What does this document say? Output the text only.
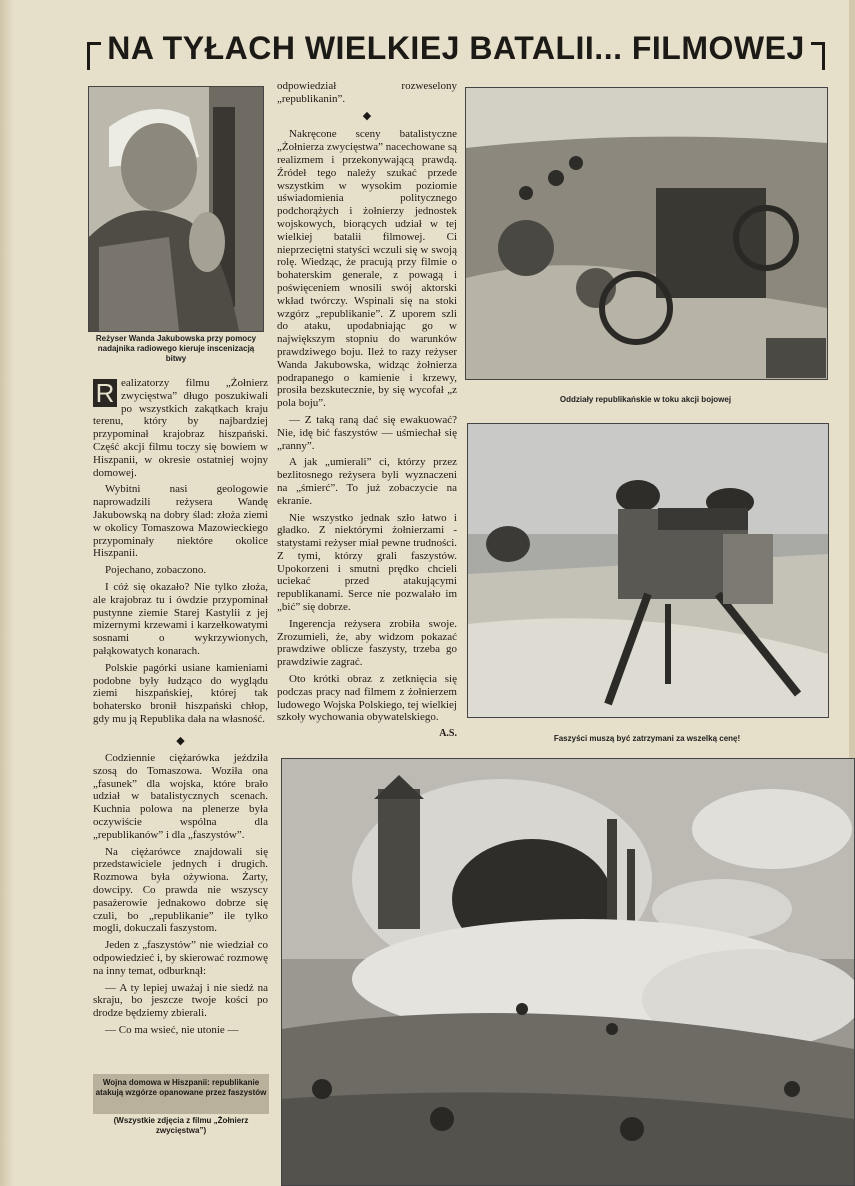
NA TYŁACH WIELKIEJ BATALII... FILMOWEJ
Reżyser Wanda Jakubowska przy pomocy nadajnika radiowego kieruje inscenizacją bitwy
Oddziały republikańskie w toku akcji bojowej
Faszyści muszą być zatrzymani za wszelką cenę!

R ealizatorzy filmu „Żołnierz zwycięstwa” długo poszukiwali po wszystkich zakątkach kraju terenu, który by najbardziej przypominał krajobraz hiszpański. Część akcji filmu toczy się bowiem w Hiszpanii, w okresie ostatniej wojny domowej.

Wybitni nasi geologowie naprowadzili reżysera Wandę Jakubowską na dobry ślad: złoża ziemi w okolicy Tomaszowa Mazowieckiego przypominały niektóre okolice Hiszpanii.

Pojechano, zobaczono.

I cóż się okazało? Nie tylko złoża, ale krajobraz tu i ówdzie przypominał pustynne ziemie Starej Kastylii z jej mizernymi krzewami i karzełkowatymi sosnami o wykrzywionych, pałąkowatych konarach.

Polskie pagórki usiane kamieniami podobne były łudząco do wyglądu ziemi hiszpańskiej, której tak bohatersko bronił hiszpański chłop, gdy mu ją Republika dała na własność.

◆

Codziennie ciężarówka jeździła szosą do Tomaszowa. Woziła ona „fasunek” dla wojska, które brało udział w batalistycznych scenach. Kuchnia polowa na plenerze była oczywiście wspólna dla „republikanów” i dla „faszystów”.

Na ciężarówce znajdowali się przedstawiciele jednych i drugich. Rozmowa była ożywiona. Żarty, dowcipy. Co prawda nie wszyscy pasażerowie jednakowo dobrze się czuli, bo „republikanie” ile tylko mogli, dokuczali faszystom.

Jeden z „faszystów” nie wiedział co odpowiedzieć i, by skierować rozmowę na inny temat, odburknął:

— A ty lepiej uważaj i nie siedź na skraju, bo jeszcze twoje kości po drodze będziemy zbierali.

— Co ma wsieć, nie utonie —

Wojna domowa w Hiszpanii: republikanie atakują wzgórze opanowane przez faszystów
(Wszystkie zdjęcia z filmu „Żołnierz zwycięstwa”)

odpowiedział rozweselony „republikanin”.

◆

Nakręcone sceny batalistyczne „Żołnierza zwycięstwa” nacechowane są realizmem i przekonywającą prawdą. Źródeł tego należy szukać przede wszystkim w wysokim poziomie uświadomienia politycznego podchorążych i żołnierzy jednostek wojskowych, biorących udział w tej wielkiej batalii filmowej. Ci nieprzeciętni statyści wczuli się w swoją rolę. Wiedząc, że pracują przy filmie o bohaterskim generale, z powagą i poświęceniem wnosili swój aktorski wkład twórczy. Wspinali się na stoki wzgórz „republikanie”. Z uporem szli do ataku, upodabniając go w największym stopniu do warunków prawdziwego boju. Ileż to razy reżyser Wanda Jakubowska, widząc żołnierza podrapanego o kamienie i krzewy, prosiła bezskutecznie, by się wycofał „z pola boju”.

— Z taką raną dać się ewakuować? Nie, idę bić faszystów — uśmiechał się „ranny”.

A jak „umierali” ci, którzy przez bezlitosnego reżysera byli wyznaczeni na „śmierć”. To już zobaczycie na ekranie.

Nie wszystko jednak szło łatwo i gładko. Z niektórymi żołnierzami - statystami reżyser miał pewne trudności. Z tymi, którzy grali faszystów. Upokorzeni i smutni prędko chcieli uciekać przed atakującymi republikanami. Serce nie pozwalało im „bić” się dobrze.

Ingerencja reżysera zrobiła swoje. Zrozumieli, że, aby widzom pokazać prawdziwe oblicze faszysty, trzeba go prawdziwie zagrać.

Oto krótki obraz z zetknięcia się podczas pracy nad filmem z żołnierzem ludowego Wojska Polskiego, tej wielkiej szkoły wychowania obywatelskiego.

A.S.
